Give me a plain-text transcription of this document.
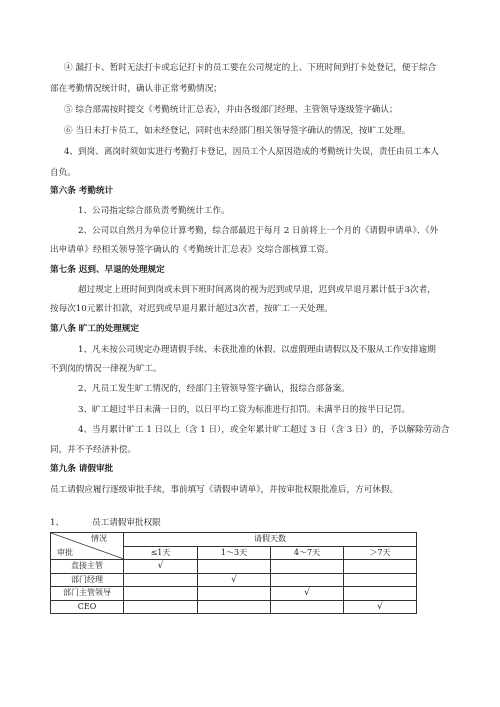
④ 漏打卡、暂时无法打卡或忘记打卡的员工要在公司规定的上、下班时间到打卡处登记，便于综合
部在考勤情况统计时，确认非正常考勤情况；
⑤ 综合部需按时提交《考勤统计汇总表》，并由各级部门经理、主管领导逐级签字确认；
⑥ 当日未打卡员工，如未经登记，同时也未经部门相关领导签字确认的情况，按旷工处理。
4、到岗、离岗时须如实进行考勤打卡登记，因员工个人原因造成的考勤统计失误，责任由员工本人
自负。
第六条 考勤统计
1、公司指定综合部负责考勤统计工作。
2、公司以自然月为单位计算考勤，综合部最迟于每月 2 日前将上一个月的《请假申请单》、《外
出申请单》经相关领导签字确认的《考勤统计汇总表》交综合部核算工资。
第七条 迟到、早退的处理规定
超过规定上班时间到岗或未到下班时间离岗的视为迟到或早退，迟到或早退月累计低于3次者，
按每次10元累计扣款，对迟到或早退月累计超过3次者，按旷工一天处理。
第八条 旷工的处理规定
1、凡未按公司规定办理请假手续、未获批准的休假、以虚假理由请假以及不服从工作安排逾期
不到岗的情况一律视为旷工。
2、凡员工发生旷工情况的，经部门主管领导签字确认，报综合部备案。
3、旷工超过半日未满一日的，以日平均工资为标准进行扣罚。未满半日的按半日记罚。
4、当月累计旷工 1 日以上（含 1 日），或全年累计旷工超过 3 日（含 3 日）的，予以解除劳动合
同，并不予经济补偿。
第九条 请假审批
员工请假应履行逐级审批手续，事前填写《请假申请单》，并按审批权限批准后，方可休假。
1、	员工请假审批权限
情况
审批	请假天数			
	≤1天	1～3天	4～7天	＞7天
直接主管	√			
部门经理		√		
部门主管领导			√	
CEO				√
